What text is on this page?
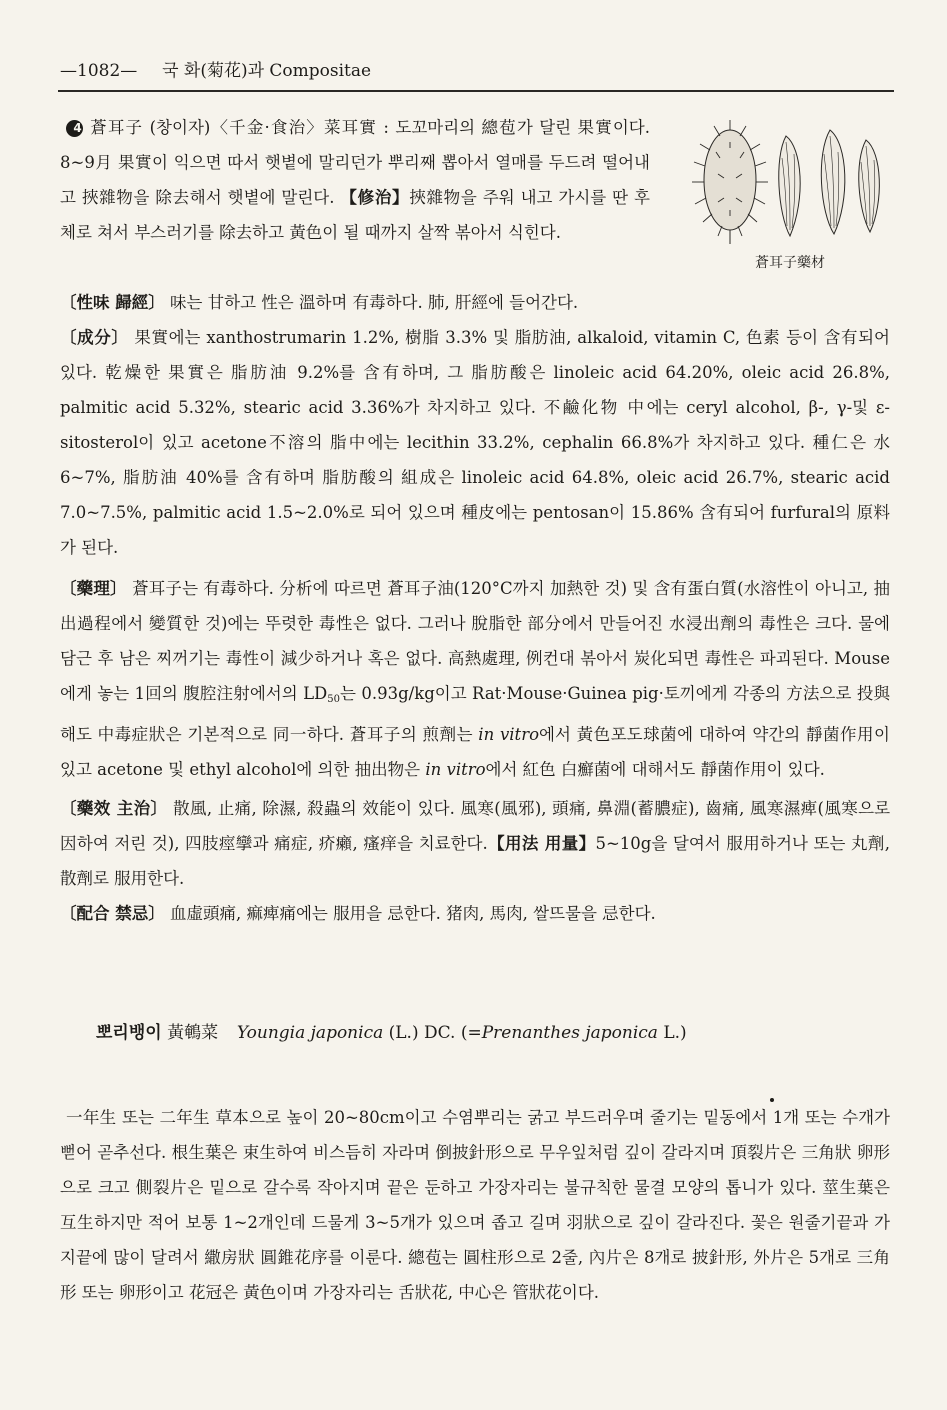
—1082— 국 화(菊花)과 Compositae
蒼耳子藥材

4 蒼耳子 (창이자)〈千金·食治〉菜耳實 : 도꼬마리의 總苞가 달린 果實이다. 8~9月 果實이 익으면 따서 햇볕에 말리던가 뿌리째 뽑아서 열매를 두드려 떨어내고 挾雜物을 除去해서 햇볕에 말린다. 【修治】挾雜物을 주워 내고 가시를 딴 후 체로 쳐서 부스러기를 除去하고 黃色이 될 때까지 살짝 볶아서 식힌다.

〔性味 歸經〕 味는 甘하고 性은 溫하며 有毒하다. 肺, 肝經에 들어간다.

〔成分〕 果實에는 xanthostrumarin 1.2%, 樹脂 3.3% 및 脂肪油, alkaloid, vitamin C, 色素 등이 含有되어 있다. 乾燥한 果實은 脂肪油 9.2%를 含有하며, 그 脂肪酸은 linoleic acid 64.20%, oleic acid 26.8%, palmitic acid 5.32%, stearic acid 3.36%가 차지하고 있다. 不鹼化物 中에는 ceryl alcohol, β-, γ-및 ε-sitosterol이 있고 acetone不溶의 脂中에는 lecithin 33.2%, cephalin 66.8%가 차지하고 있다. 種仁은 水 6~7%, 脂肪油 40%를 含有하며 脂肪酸의 組成은 linoleic acid 64.8%, oleic acid 26.7%, stearic acid 7.0~7.5%, palmitic acid 1.5~2.0%로 되어 있으며 種皮에는 pentosan이 15.86% 含有되어 furfural의 原料가 된다.

〔藥理〕 蒼耳子는 有毒하다. 分析에 따르면 蒼耳子油(120°C까지 加熱한 것) 및 含有蛋白質(水溶性이 아니고, 抽出過程에서 變質한 것)에는 뚜렷한 毒性은 없다. 그러나 脫脂한 部分에서 만들어진 水浸出劑의 毒性은 크다. 물에 담근 후 남은 찌꺼기는 毒性이 減少하거나 혹은 없다. 高熱處理, 例컨대 볶아서 炭化되면 毒性은 파괴된다. Mouse에게 놓는 1回의 腹腔注射에서의 $LD_{50}$는 0.93g/kg이고 Rat·Mouse·Guinea pig·토끼에게 각종의 方法으로 投與해도 中毒症狀은 기본적으로 同一하다. 蒼耳子의 煎劑는 in vitro에서 黃色포도球菌에 대하여 약간의 靜菌作用이 있고 acetone 및 ethyl alcohol에 의한 抽出物은 in vitro에서 紅色 白癬菌에 대해서도 靜菌作用이 있다.

〔藥效 主治〕 散風, 止痛, 除濕, 殺蟲의 效能이 있다. 風寒(風邪), 頭痛, 鼻淵(蓄膿症), 齒痛, 風寒濕痺(風寒으로 因하여 저린 것), 四肢痙攣과 痛症, 疥癩, 瘙痒을 치료한다.【用法 用量】5~10g을 달여서 服用하거나 또는 丸劑, 散劑로 服用한다.

〔配合 禁忌〕 血虛頭痛, 痲痺痛에는 服用을 忌한다. 猪肉, 馬肉, 쌀뜨물을 忌한다.

뽀리뱅이 黃鵪菜 Youngia japonica (L.) DC. (=Prenanthes japonica L.)

一年生 또는 二年生 草本으로 높이 20~80cm이고 수염뿌리는 굵고 부드러우며 줄기는 밑동에서 1개 또는 수개가 뻗어 곧추선다. 根生葉은 束生하여 비스듬히 자라며 倒披針形으로 무우잎처럼 깊이 갈라지며 頂裂片은 三角狀 卵形으로 크고 側裂片은 밑으로 갈수록 작아지며 끝은 둔하고 가장자리는 불규칙한 물결 모양의 톱니가 있다. 莖生葉은 互生하지만 적어 보통 1~2개인데 드물게 3~5개가 있으며 좁고 길며 羽狀으로 깊이 갈라진다. 꽃은 원줄기끝과 가지끝에 많이 달려서 繖房狀 圓錐花序를 이룬다. 總苞는 圓柱形으로 2줄, 內片은 8개로 披針形, 外片은 5개로 三角形 또는 卵形이고 花冠은 黃色이며 가장자리는 舌狀花, 中心은 管狀花이다.
